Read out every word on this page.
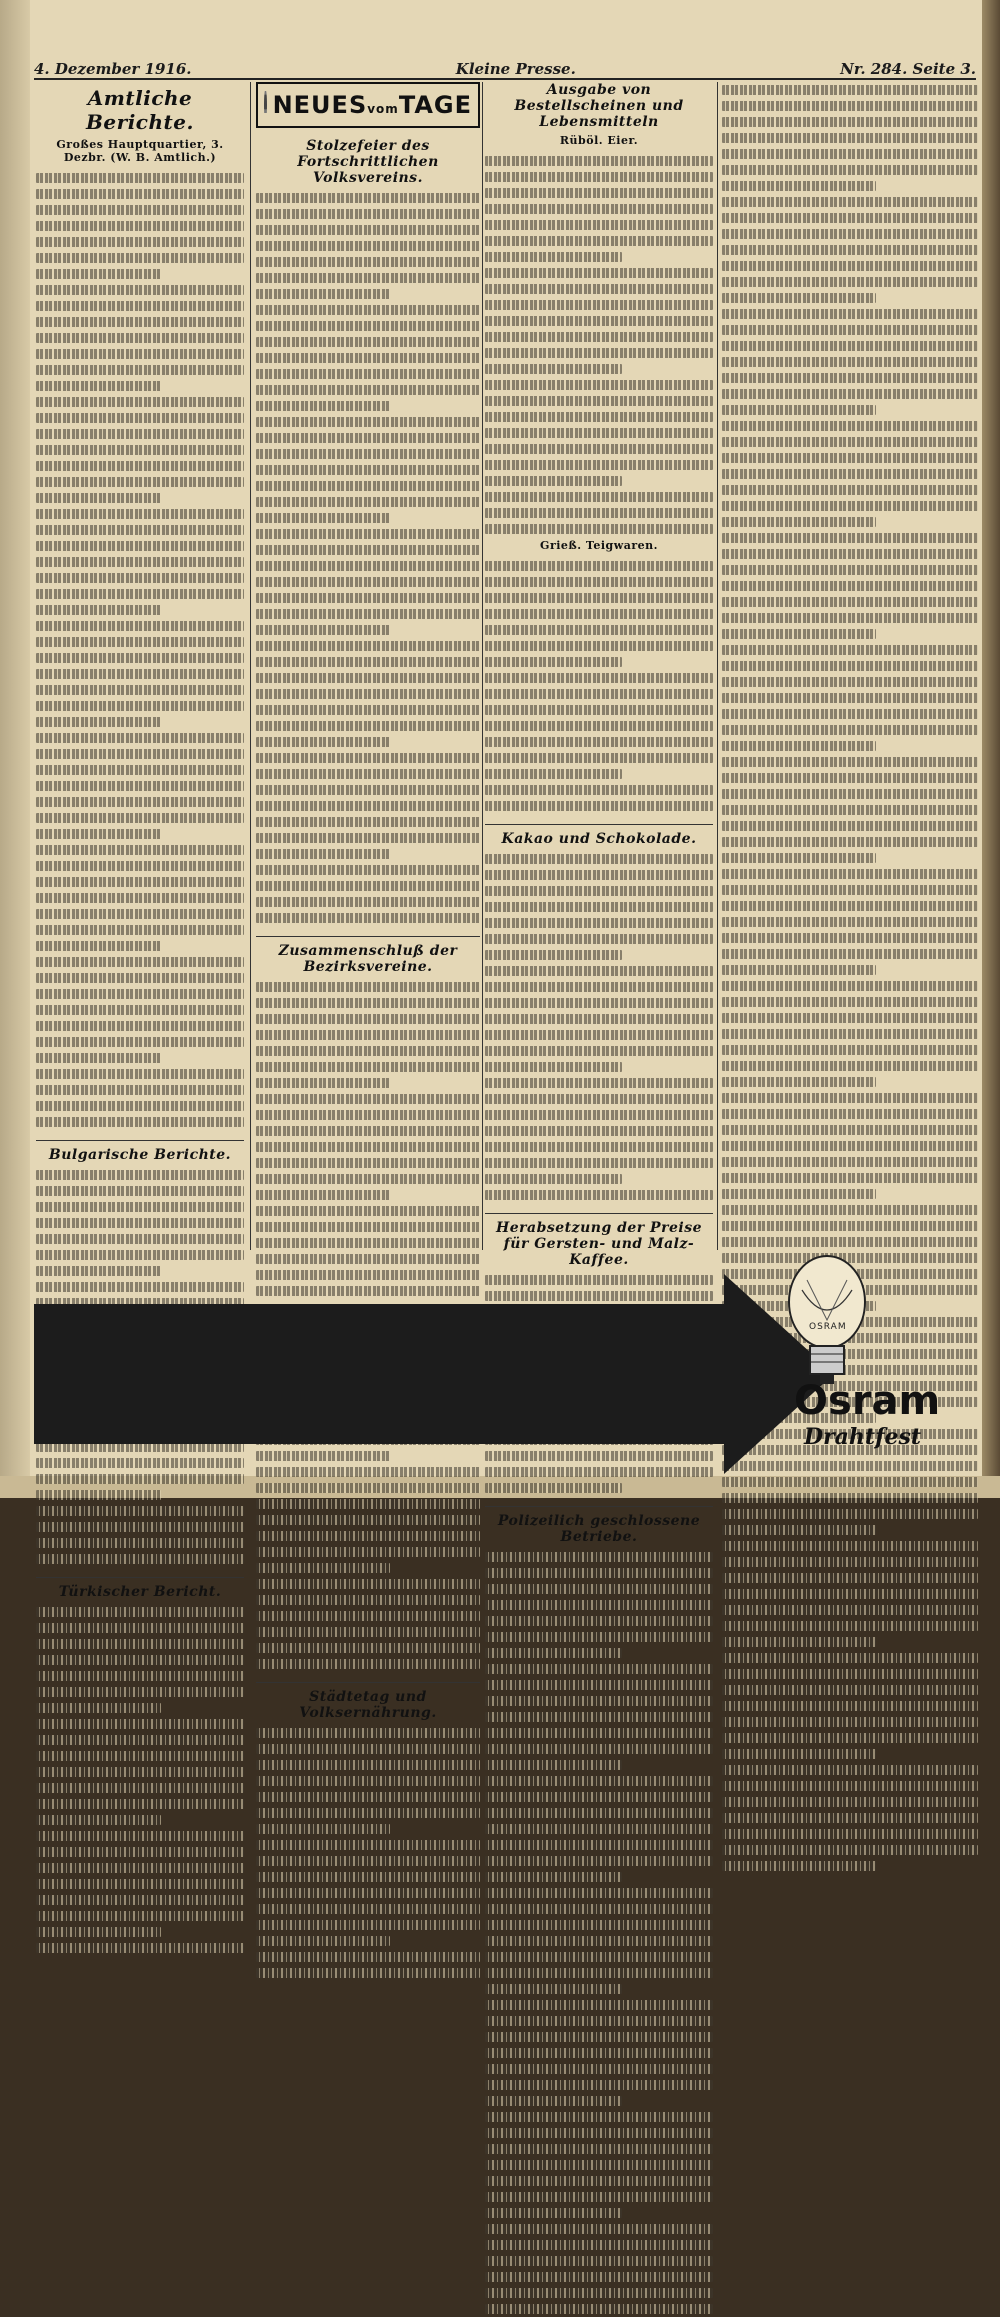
4. Dezember 1916.	Kleine Presse.	Nr. 284. Seite 3.
Amtliche Berichte.
Großes Hauptquartier, 3. Dezbr. (W. B. Amtlich.)
Bulgarische Berichte.
Türkischer Bericht.
NEUESvomTAGE
Stolzefeier des Fortschrittlichen Volksvereins.
Zusammenschluß der Bezirksvereine.
Städtetag und Volksernährung.
Ausgabe von Bestellscheinen und Lebensmitteln
Rüböl. Eier.
Grieß. Teigwaren.
Kakao und Schokolade.
Herabsetzung der Preise für Gersten- und Malz-Kaffee.
Polizeilich geschlossene Betriebe.
OSRAM
Osram
Drahtfest
